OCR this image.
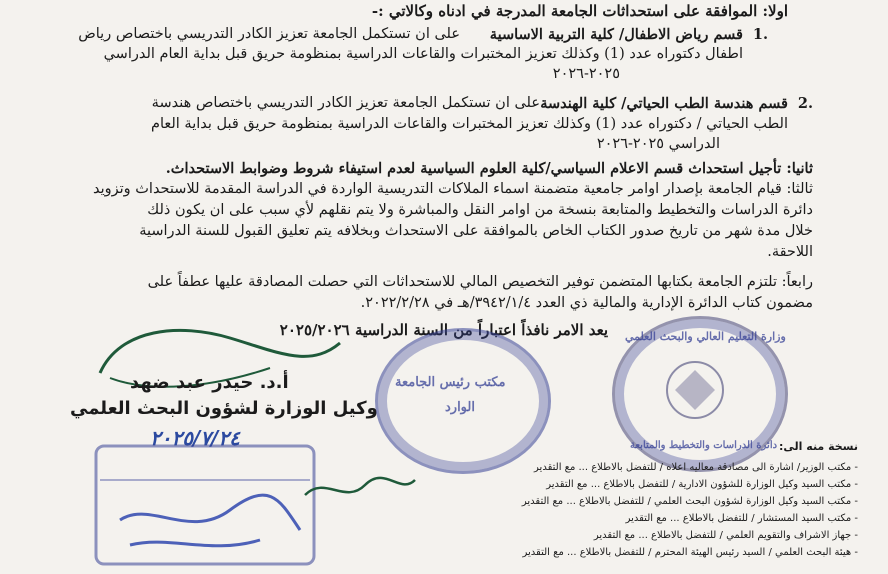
اولا: الموافقة على استحداثات الجامعة المدرجة في ادناه وكالاتي :-
.1
قسم رياض الاطفال/ كلية التربية الاساسية
على ان تستكمل الجامعة تعزيز الكادر التدريسي باختصاص رياض
اطفال دكتوراه عدد (1) وكذلك تعزيز المختبرات والقاعات الدراسية بمنظومة حريق قبل بداية العام الدراسي
٢٠٢٥-٢٠٢٦
.2
قسم هندسة الطب الحياتي/ كلية الهندسة
على ان تستكمل الجامعة تعزيز الكادر التدريسي باختصاص هندسة
الطب الحياتي / دكتوراه عدد (1) وكذلك تعزيز المختبرات والقاعات الدراسية بمنظومة حريق قبل بداية العام
الدراسي ٢٠٢٥-٢٠٢٦
ثانيا: تأجيل استحداث قسم الاعلام السياسي/كلية العلوم السياسية لعدم استيفاء شروط وضوابط الاستحداث.
ثالثا: قيام الجامعة بإصدار اوامر جامعية متضمنة اسماء الملاكات التدريسية الواردة في الدراسة المقدمة للاستحداث وتزويد
دائرة الدراسات والتخطيط والمتابعة بنسخة من اوامر النقل والمباشرة ولا يتم نقلهم لأي سبب على ان يكون ذلك
خلال مدة شهر من تاريخ صدور الكتاب الخاص بالموافقة على الاستحداث وبخلافه يتم تعليق القبول للسنة الدراسية
اللاحقة.
رابعاً: تلتزم الجامعة بكتابها المتضمن توفير التخصيص المالي للاستحداثات التي حصلت المصادقة عليها عطفاً على
مضمون كتاب الدائرة الإدارية والمالية ذي العدد ٣٩٤٢/١/٤/هـ في ٢٠٢٢/٢/٢٨.
يعد الامر نافذاً اعتباراً من السنة الدراسية ٢٠٢٥/٢٠٢٦
أ.د. حيدر عبد ضهد
وكيل الوزارة لشؤون البحث العلمي
٢٠٢٥/٧/٢٤
مكتب رئيس الجامعة
الوارد
وزارة التعليم العالي والبحث العلمي
دائرة الدراسات والتخطيط والمتابعة نسخة منه الى:
- مكتب الوزير/ اشارة الى مصادقة معاليه اعلاه / للتفضل بالاطلاع ... مع التقدير
- مكتب السيد وكيل الوزارة للشؤون الادارية / للتفضل بالاطلاع ... مع التقدير
- مكتب السيد وكيل الوزارة لشؤون البحث العلمي / للتفضل بالاطلاع ... مع التقدير
- مكتب السيد المستشار / للتفضل بالاطلاع ... مع التقدير
- جهاز الاشراف والتقويم العلمي / للتفضل بالاطلاع ... مع التقدير
- هيئة البحث العلمي / السيد رئيس الهيئة المحترم / للتفضل بالاطلاع ... مع التقدير
